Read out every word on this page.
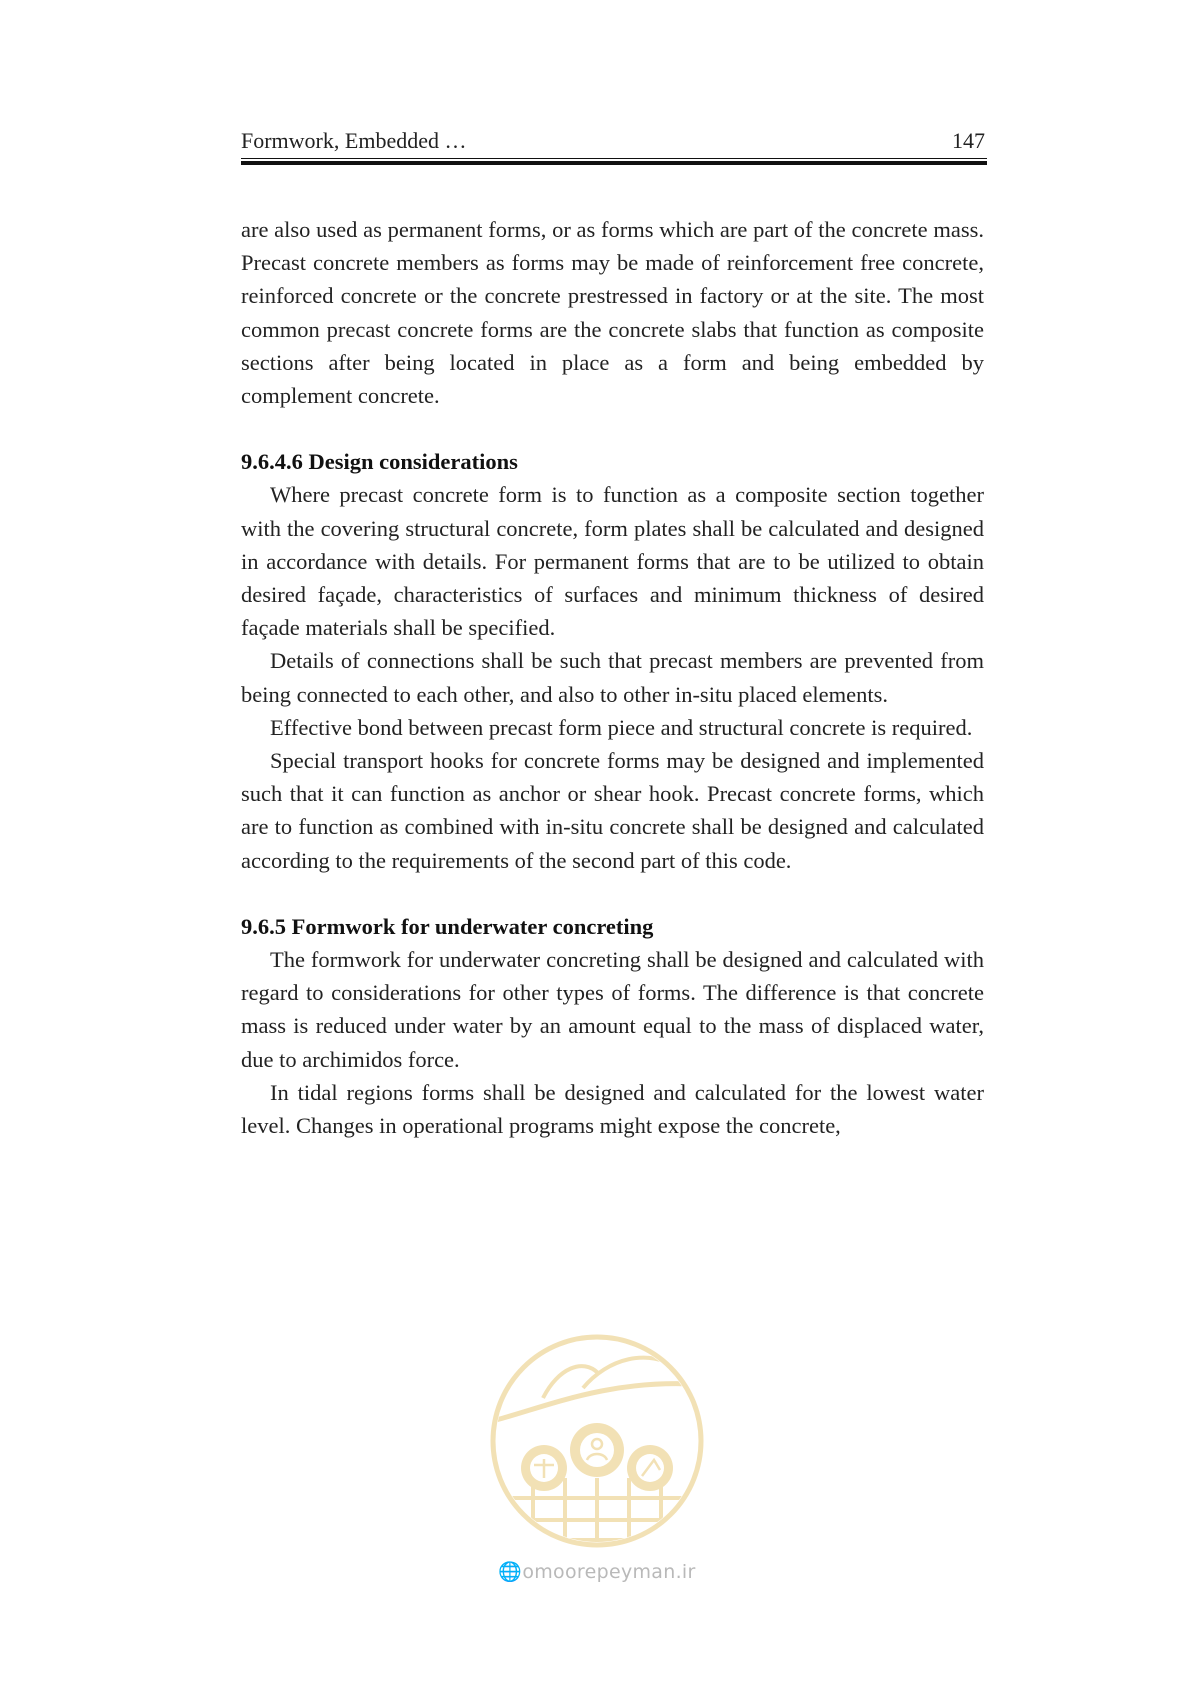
Formwork, Embedded …	147

are also used as permanent forms, or as forms which are part of the concrete mass. Precast concrete members as forms may be made of reinforcement free concrete, reinforced concrete or the concrete prestressed in factory or at the site. The most common precast concrete forms are the concrete slabs that function as composite sections after being located in place as a form and being embedded by complement concrete.

9.6.4.6 Design considerations

Where precast concrete form is to function as a composite section together with the covering structural concrete, form plates shall be calculated and designed in accordance with details. For permanent forms that are to be utilized to obtain desired façade, characteristics of surfaces and minimum thickness of desired façade materials shall be specified.

Details of connections shall be such that precast members are prevented from being connected to each other, and also to other in-situ placed elements.

Effective bond between precast form piece and structural concrete is required.

Special transport hooks for concrete forms may be designed and implemented such that it can function as anchor or shear hook. Precast concrete forms, which are to function as combined with in-situ concrete shall be designed and calculated according to the requirements of the second part of this code.

9.6.5 Formwork for underwater concreting

The formwork for underwater concreting shall be designed and calculated with regard to considerations for other types of forms. The difference is that concrete mass is reduced under water by an amount equal to the mass of displaced water, due to archimidos force.

In tidal regions forms shall be designed and calculated for the lowest water level. Changes in operational programs might expose the concrete,

🌐omoorepeyman.ir
